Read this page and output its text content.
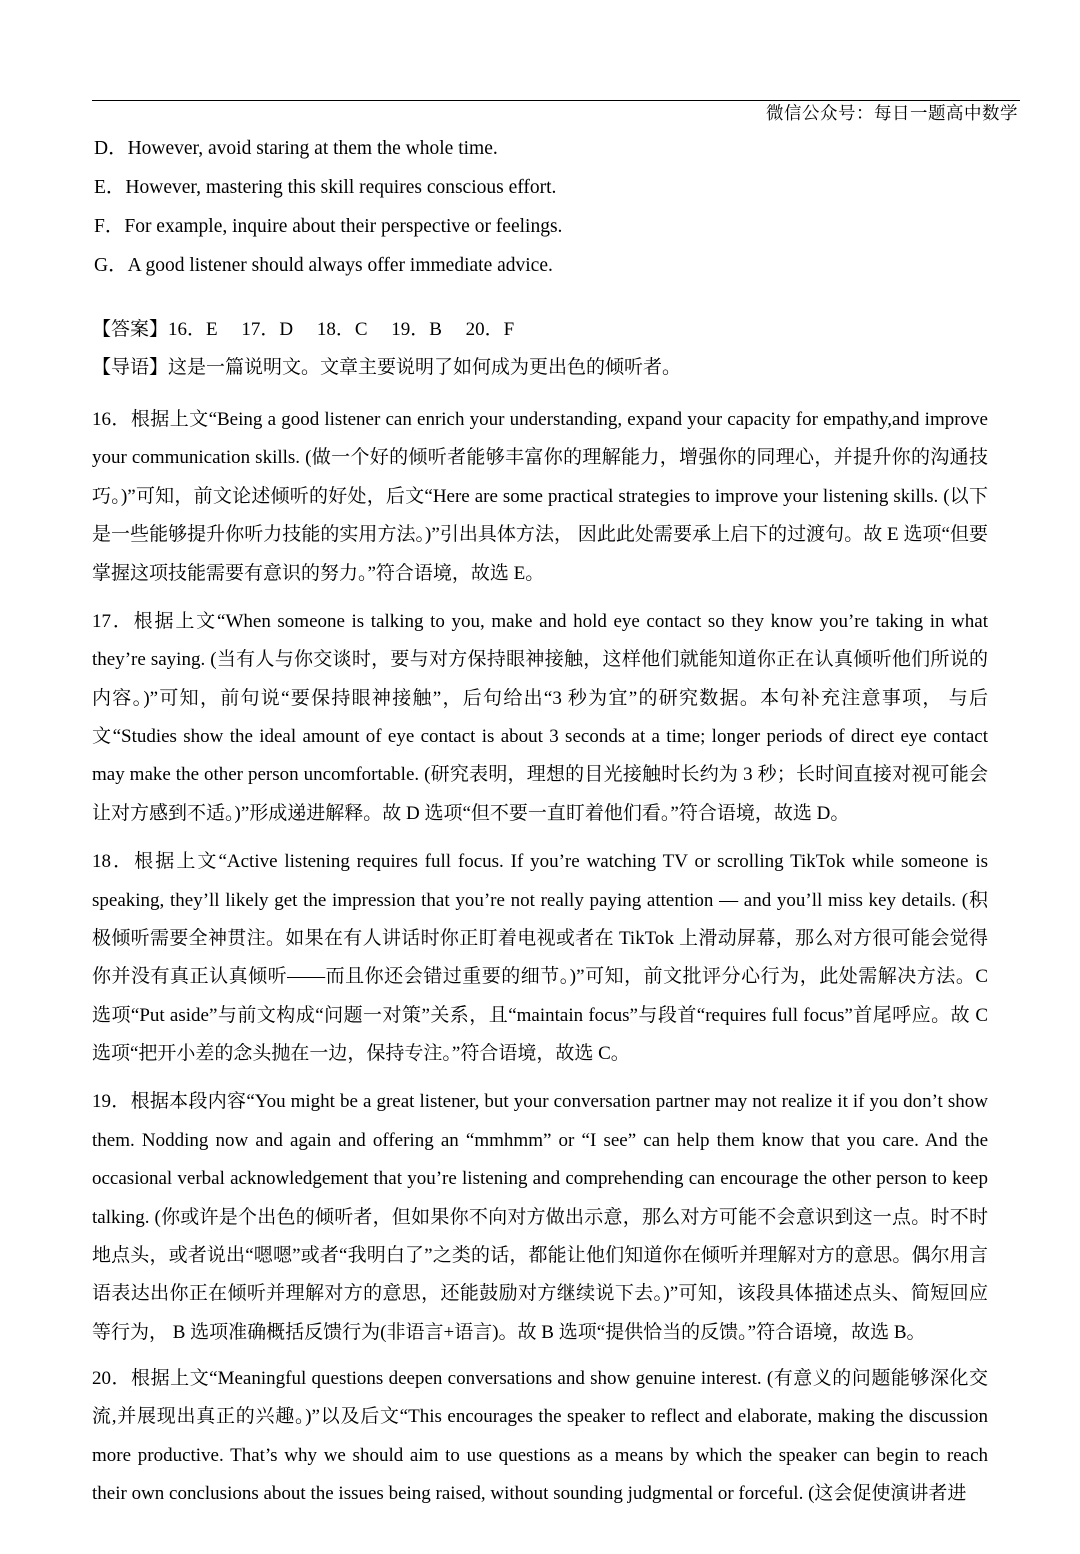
微信公众号：每日一题高中数学
D．However, avoid staring at them the whole time.
E．However, mastering this skill requires conscious effort.
F．For example, inquire about their perspective or feelings.
G．A good listener should always offer immediate advice.
【答案】16．E     17．D     18．C     19．B     20．F
【导语】这是一篇说明文。文章主要说明了如何成为更出色的倾听者。

16．根据上文“Being a good listener can enrich your understanding, expand your capacity for empathy,and improve your communication skills. (做一个好的倾听者能够丰富你的理解能力，增强你的同理心，并提升你的沟通技巧。)”可知，前文论述倾听的好处，后文“Here are some practical strategies to improve your listening skills. (以下是一些能够提升你听力技能的实用方法。)”引出具体方法， 因此此处需要承上启下的过渡句。故 E 选项“但要掌握这项技能需要有意识的努力。”符合语境，故选 E。

17．根据上文“When someone is talking to you, make and hold eye contact so they know you’re taking in what they’re saying. (当有人与你交谈时，要与对方保持眼神接触，这样他们就能知道你正在认真倾听他们所说的内容。)”可知，前句说“要保持眼神接触”，后句给出“3 秒为宜”的研究数据。本句补充注意事项， 与后文“Studies show the ideal amount of eye contact is about 3 seconds at a time; longer periods of direct eye contact may make the other person uncomfortable. (研究表明，理想的目光接触时长约为 3 秒；长时间直接对视可能会让对方感到不适。)”形成递进解释。故 D 选项“但不要一直盯着他们看。”符合语境，故选 D。

18．根据上文“Active listening requires full focus. If you’re watching TV or scrolling TikTok while someone is speaking, they’ll likely get the impression that you’re not really paying attention — and you’ll miss key details. (积极倾听需要全神贯注。如果在有人讲话时你正盯着电视或者在 TikTok 上滑动屏幕，那么对方很可能会觉得你并没有真正认真倾听——而且你还会错过重要的细节。)”可知，前文批评分心行为，此处需解决方法。C 选项“Put aside”与前文构成“问题一对策”关系，且“maintain focus”与段首“requires full focus”首尾呼应。故 C 选项“把开小差的念头抛在一边，保持专注。”符合语境，故选 C。

19．根据本段内容“You might be a great listener, but your conversation partner may not realize it if you don’t show them. Nodding now and again and offering an “mmhmm” or “I see” can help them know that you care. And the occasional verbal acknowledgement that you’re listening and comprehending can encourage the other person to keep talking. (你或许是个出色的倾听者，但如果你不向对方做出示意，那么对方可能不会意识到这一点。时不时地点头，或者说出“嗯嗯”或者“我明白了”之类的话，都能让他们知道你在倾听并理解对方的意思。偶尔用言语表达出你正在倾听并理解对方的意思，还能鼓励对方继续说下去。)”可知，该段具体描述点头、简短回应等行为， B 选项准确概括反馈行为(非语言+语言)。故 B 选项“提供恰当的反馈。”符合语境，故选 B。

20．根据上文“Meaningful questions deepen conversations and show genuine interest. (有意义的问题能够深化交流,并展现出真正的兴趣。)”以及后文“This encourages the speaker to reflect and elaborate, making the discussion more productive. That’s why we should aim to use questions as a means by which the speaker can begin to reach their own conclusions about the issues being raised, without sounding judgmental or forceful. (这会促使演讲者进
